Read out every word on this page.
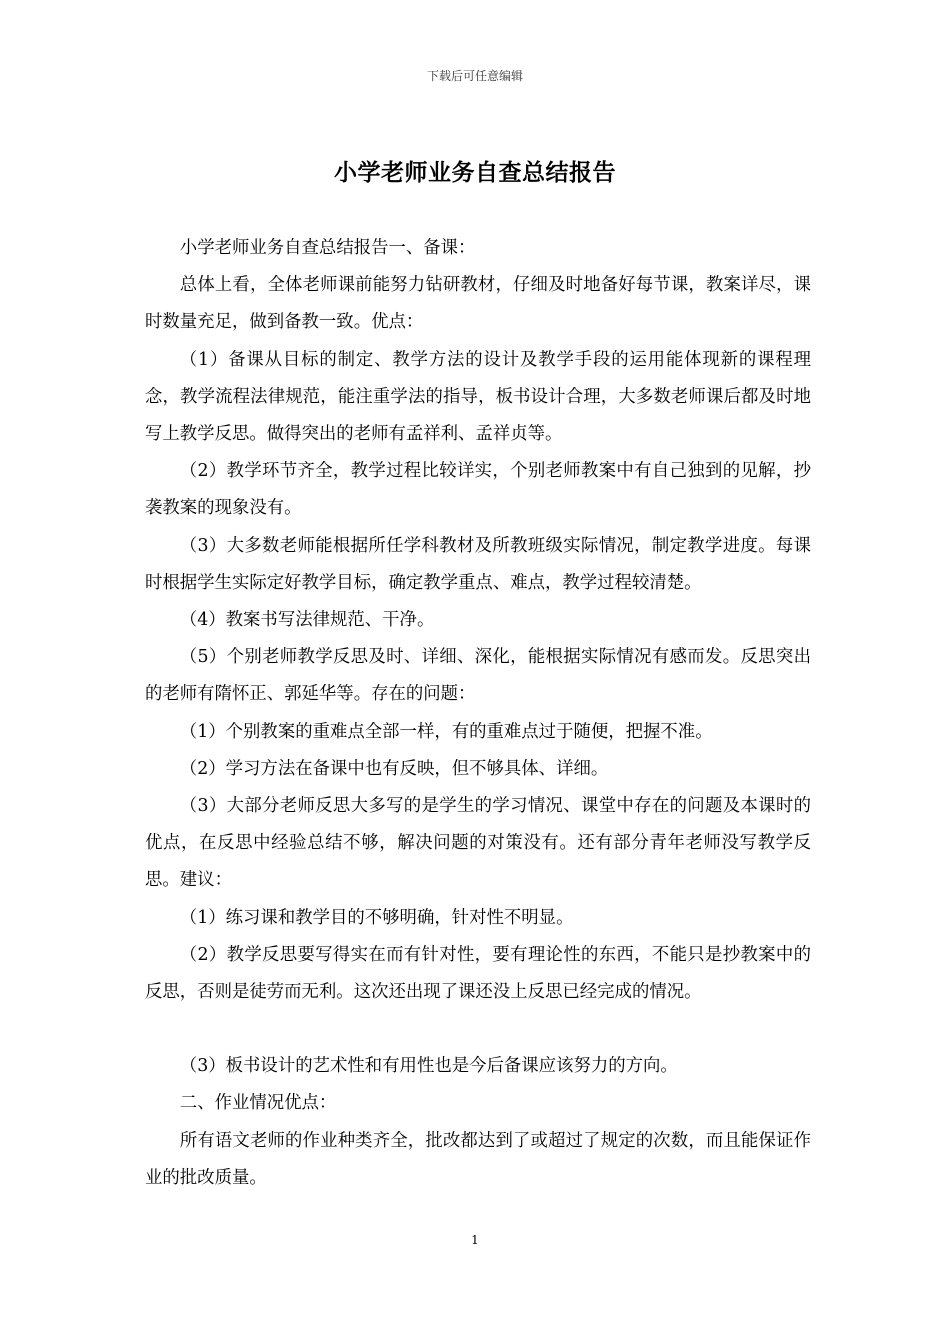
下载后可任意编辑
小学老师业务自查总结报告

小学老师业务自查总结报告一、备课：

总体上看，全体老师课前能努力钻研教材，仔细及时地备好每节课，教案详尽，课时数量充足，做到备教一致。优点：

（1）备课从目标的制定、教学方法的设计及教学手段的运用能体现新的课程理念，教学流程法律规范，能注重学法的指导，板书设计合理，大多数老师课后都及时地写上教学反思。做得突出的老师有孟祥利、孟祥贞等。

（2）教学环节齐全，教学过程比较详实，个别老师教案中有自己独到的见解，抄袭教案的现象没有。

（3）大多数老师能根据所任学科教材及所教班级实际情况，制定教学进度。每课时根据学生实际定好教学目标，确定教学重点、难点，教学过程较清楚。

（4）教案书写法律规范、干净。

（5）个别老师教学反思及时、详细、深化，能根据实际情况有感而发。反思突出的老师有隋怀正、郭延华等。存在的问题：

（1）个别教案的重难点全部一样，有的重难点过于随便，把握不准。

（2）学习方法在备课中也有反映，但不够具体、详细。

（3）大部分老师反思大多写的是学生的学习情况、课堂中存在的问题及本课时的优点，在反思中经验总结不够，解决问题的对策没有。还有部分青年老师没写教学反思。建议：

（1）练习课和教学目的不够明确，针对性不明显。

（2）教学反思要写得实在而有针对性，要有理论性的东西，不能只是抄教案中的反思，否则是徒劳而无利。这次还出现了课还没上反思已经完成的情况。

（3）板书设计的艺术性和有用性也是今后备课应该努力的方向。

二、作业情况优点：

所有语文老师的作业种类齐全，批改都达到了或超过了规定的次数，而且能保证作业的批改质量。

1
